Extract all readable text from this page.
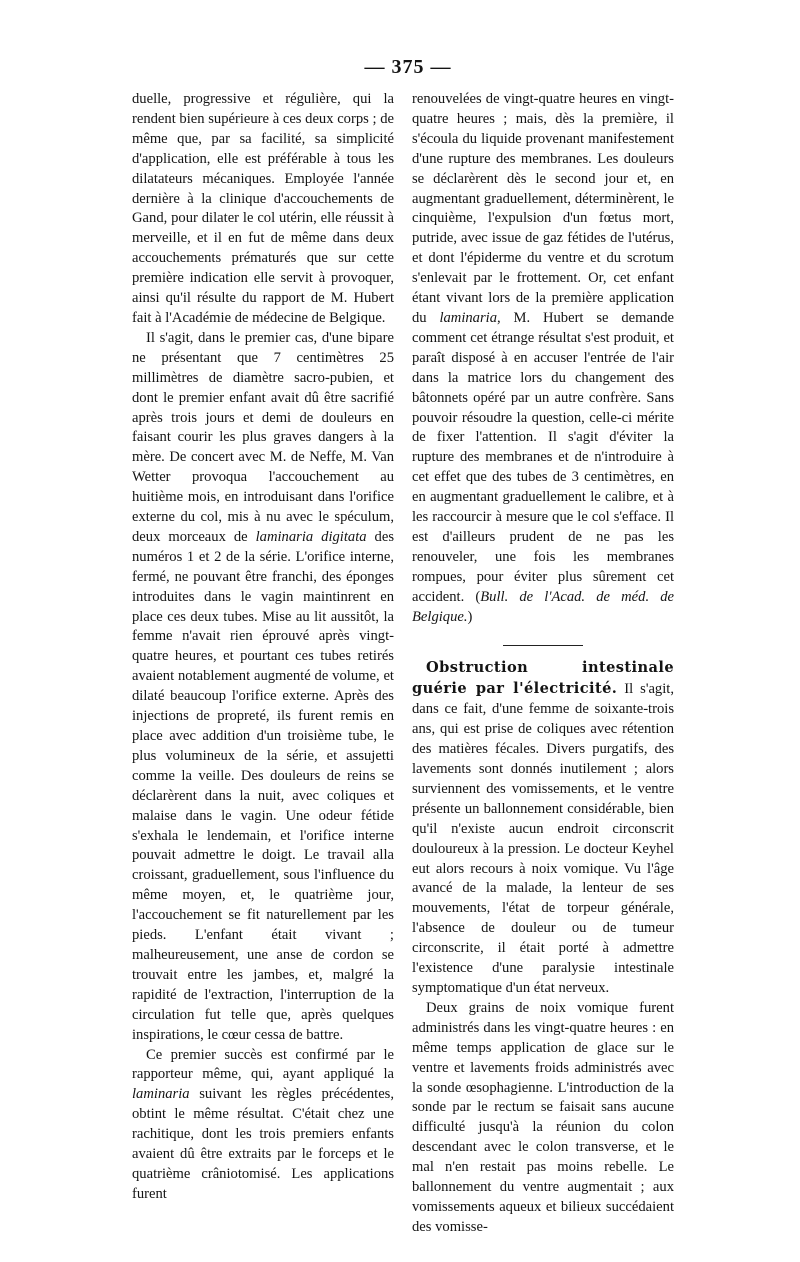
— 375 —

duelle, progressive et régulière, qui la rendent bien supérieure à ces deux corps ; de même que, par sa facilité, sa simplicité d'application, elle est préférable à tous les dilatateurs mécaniques. Employée l'année dernière à la clinique d'accouchements de Gand, pour dilater le col utérin, elle réussit à merveille, et il en fut de même dans deux accouchements prématurés que sur cette première indication elle servit à provoquer, ainsi qu'il résulte du rapport de M. Hubert fait à l'Académie de médecine de Belgique.

Il s'agit, dans le premier cas, d'une bipare ne présentant que 7 centimètres 25 millimètres de diamètre sacro-pubien, et dont le premier enfant avait dû être sacrifié après trois jours et demi de douleurs en faisant courir les plus graves dangers à la mère. De concert avec M. de Neffe, M. Van Wetter provoqua l'accouchement au huitième mois, en introduisant dans l'orifice externe du col, mis à nu avec le spéculum, deux morceaux de laminaria digitata des numéros 1 et 2 de la série. L'orifice interne, fermé, ne pouvant être franchi, des éponges introduites dans le vagin maintinrent en place ces deux tubes. Mise au lit aussitôt, la femme n'avait rien éprouvé après vingt-quatre heures, et pourtant ces tubes retirés avaient notablement augmenté de volume, et dilaté beaucoup l'orifice externe. Après des injections de propreté, ils furent remis en place avec addition d'un troisième tube, le plus volumineux de la série, et assujetti comme la veille. Des douleurs de reins se déclarèrent dans la nuit, avec coliques et malaise dans le vagin. Une odeur fétide s'exhala le lendemain, et l'orifice interne pouvait admettre le doigt. Le travail alla croissant, graduellement, sous l'influence du même moyen, et, le quatrième jour, l'accouchement se fit naturellement par les pieds. L'enfant était vivant ; malheureusement, une anse de cordon se trouvait entre les jambes, et, malgré la rapidité de l'extraction, l'interruption de la circulation fut telle que, après quelques inspirations, le cœur cessa de battre.

Ce premier succès est confirmé par le rapporteur même, qui, ayant appliqué la laminaria suivant les règles précédentes, obtint le même résultat. C'était chez une rachitique, dont les trois premiers enfants avaient dû être extraits par le forceps et le quatrième crâniotomisé. Les applications furent

renouvelées de vingt-quatre heures en vingt-quatre heures ; mais, dès la première, il s'écoula du liquide provenant manifestement d'une rupture des membranes. Les douleurs se déclarèrent dès le second jour et, en augmentant graduellement, déterminèrent, le cinquième, l'expulsion d'un fœtus mort, putride, avec issue de gaz fétides de l'utérus, et dont l'épiderme du ventre et du scrotum s'enlevait par le frottement. Or, cet enfant étant vivant lors de la première application du laminaria, M. Hubert se demande comment cet étrange résultat s'est produit, et paraît disposé à en accuser l'entrée de l'air dans la matrice lors du changement des bâtonnets opéré par un autre confrère. Sans pouvoir résoudre la question, celle-ci mérite de fixer l'attention. Il s'agit d'éviter la rupture des membranes et de n'introduire à cet effet que des tubes de 3 centimètres, en en augmentant graduellement le calibre, et à les raccourcir à mesure que le col s'efface. Il est d'ailleurs prudent de ne pas les renouveler, une fois les membranes rompues, pour éviter plus sûrement cet accident. (Bull. de l'Acad. de méd. de Belgique.)

Obstruction intestinale guérie par l'électricité. Il s'agit, dans ce fait, d'une femme de soixante-trois ans, qui est prise de coliques avec rétention des matières fécales. Divers purgatifs, des lavements sont donnés inutilement ; alors surviennent des vomissements, et le ventre présente un ballonnement considérable, bien qu'il n'existe aucun endroit circonscrit douloureux à la pression. Le docteur Keyhel eut alors recours à noix vomique. Vu l'âge avancé de la malade, la lenteur de ses mouvements, l'état de torpeur générale, l'absence de douleur ou de tumeur circonscrite, il était porté à admettre l'existence d'une paralysie intestinale symptomatique d'un état nerveux.

Deux grains de noix vomique furent administrés dans les vingt-quatre heures : en même temps application de glace sur le ventre et lavements froids administrés avec la sonde œsophagienne. L'introduction de la sonde par le rectum se faisait sans aucune difficulté jusqu'à la réunion du colon descendant avec le colon transverse, et le mal n'en restait pas moins rebelle. Le ballonnement du ventre augmentait ; aux vomissements aqueux et bilieux succédaient des vomisse-
